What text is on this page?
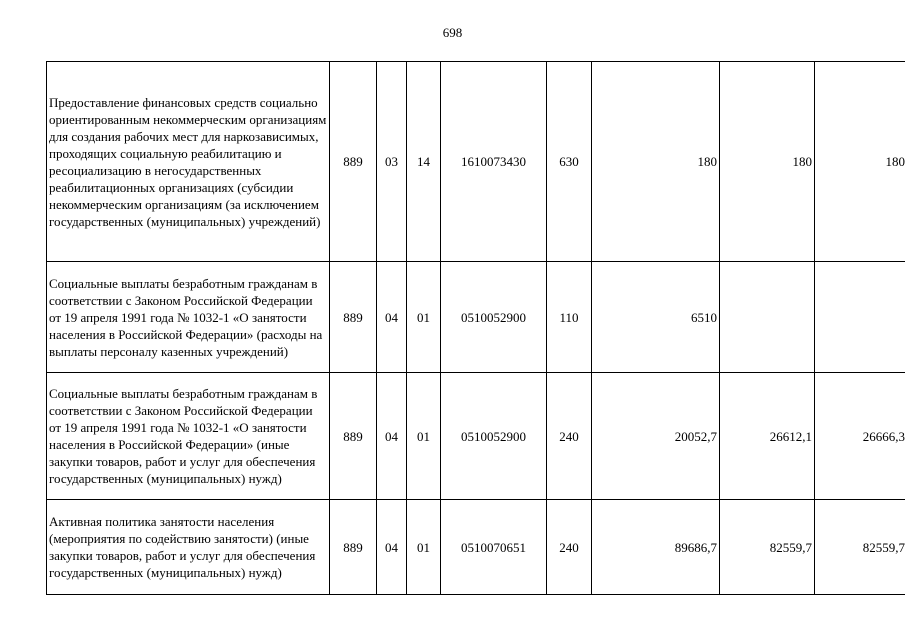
698
Предоставление финансовых средств социально ориентированным некоммерческим организациям для создания рабочих мест для наркозависимых, проходящих социальную реабилитацию и ресоциализацию в негосударственных реабилитационных организациях (субсидии некоммерческим организациям (за исключением государственных (муниципальных) учреждений)	889	03	14	1610073430	630	180	180	180
Социальные выплаты безработным гражданам в соответствии с Законом Российской Федерации от 19 апреля 1991 года № 1032-1 «О занятости населения в Российской Федерации» (расходы на выплаты персоналу казенных учреждений)	889	04	01	0510052900	110	6510		
Социальные выплаты безработным гражданам в соответствии с Законом Российской Федерации от 19 апреля 1991 года № 1032-1 «О занятости населения в Российской Федерации» (иные закупки товаров, работ и услуг для обеспечения государственных (муниципальных) нужд)	889	04	01	0510052900	240	20052,7	26612,1	26666,3
Активная политика занятости населения (мероприятия по содействию занятости) (иные закупки товаров, работ и услуг для обеспечения государственных (муниципальных) нужд)	889	04	01	0510070651	240	89686,7	82559,7	82559,7
